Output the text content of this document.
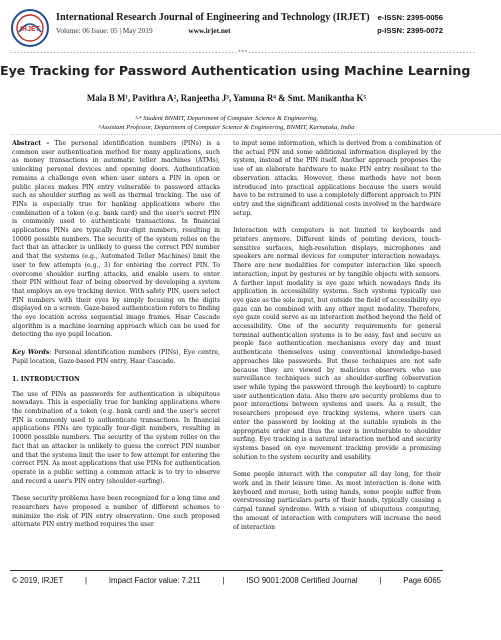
IRJET
International Research Journal of Engineering and Technology (IRJET)
Volume: 06 Issue: 05 | May 2019	www.irjet.net
e-ISSN: 2395-0056
p-ISSN: 2395-0072
---------------------------------------------------------------------***---------------------------------------------------------------------
Eye Tracking for Password Authentication using Machine Learning
Mala B M¹, Pavithra A², Ranjeetha J³, Yamuna R⁴ & Smt. Manikantha K⁵
¹-⁴ Student BNMIT, Department of Computer Science & Engineering,
⁵Assistant Professor, Department of Computer Science & Engineering, BNMIT, Karnataka, India
--------------------------------------------------------------------------------------------------------------------------------------------------------------------------------------

Abstract – The personal identification numbers (PINs) is a common user authentication method for many applications, such as money transactions in automatic teller machines (ATMs), unlocking personal devices and opening doors. Authentication remains a challenge even when user enters a PIN in open or public places makes PIN entry vulnerable to password attacks such as shoulder surfing as well as thermal tracking. The use of PINs is especially true for banking applications where the combination of a token (e.g. bank card) and the user's secret PIN is commonly used to authenticate transactions. In financial applications PINs are typically four-digit numbers, resulting in 10000 possible numbers. The security of the system relies on the fact that an attacker is unlikely to guess the correct PIN number and that the systems (e.g., Automated Teller Machines) limit the user to few attempts (e.g., 3) for entering the correct PIN. To overcome shoulder surfing attacks, and enable users to enter their PIN without fear of being observed by developing a system that employs an eye tracking device. With safety PIN, users select PIN numbers with their eyes by simply focusing on the digits displayed on a screen. Gaze-based authentication refers to finding the eye location across sequential image frames. Haar Cascade algorithm is a machine learning approach which can be used for detecting the eye pupil location.

Key Words: Personal identification numbers (PINs), Eye centre, Pupil location, Gaze-based PIN entry, Haar Cascade.

1. INTRODUCTION

The use of PINs as passwords for authentication is ubiquitous nowadays. This is especially true for banking applications where the combination of a token (e.g. bank card) and the user's secret PIN is commonly used to authenticate transactions. In financial applications PINs are typically four-digit numbers, resulting in 10000 possible numbers. The security of the system relies on the fact that an attacker is unlikely to guess the correct PIN number and that the systems limit the user to few attempt for entering the correct PIN. As most applications that use PINs for authentication operate in a public setting a common attack is to try to observe and record a user's PIN entry (shoulder-surfing).

These security problems have been recognized for a long time and researchers have proposed a number of different schemes to minimize the risk of PIN entry observation. One such proposed alternate PIN entry method requires the user

to input some information, which is derived from a combination of the actual PIN and some additional information displayed by the system, instead of the PIN itself. Another approach proposes the use of an elaborate hardware to make PIN entry resilient to the observation attacks. However, these methods have not been introduced into practical applications because the users would have to be retrained to use a completely different approach to PIN entry and the significant additional costs involved in the hardware setup.

Interaction with computers is not limited to keyboards and printers anymore. Different kinds of pointing devices, touch-sensitive surfaces, high-resolution displays, microphones and speakers are normal devices for computer interaction nowadays. There are new modalities for computer interaction like speech interaction, input by gestures or by tangible objects with sensors. A further input modality is eye gaze which nowadays finds its application in accessibility systems. Such systems typically use eye gaze as the sole input, but outside the field of accessibility eye gaze can be combined with any other input modality. Therefore, eye gaze could serve as an interaction method beyond the field of accessibility. One of the security requirements for general terminal authentication systems is to be easy, fast and secure as people face authentication mechanisms every day and must authenticate themselves using conventional knowledge-based approaches like passwords. But these techniques are not safe because they are viewed by malicious observers who use surveillance techniques such as shoulder-surfing (observation user while typing the password through the keyboard) to capture user authentication data. Also there are security problems due to poor interactions between systems and users. As a result, the researchers proposed eye tracking systems, where users can enter the password by looking at the suitable symbols in the appropriate order and thus the user is invulnerable to shoulder surfing. Eye tracking is a natural interaction method and security systems based on eye movement tracking provide a promising solution to the system security and usability.

Some people interact with the computer all day long, for their work and in their leisure time. As most interaction is done with keyboard and mouse, both using hands, some people suffer from overstressing particulars parts of their hands, typically causing a carpal tunnel syndrome. With a vision of ubiquitous computing, the amount of interaction with computers will increase the need of interaction

© 2019, IRJET	|	Impact Factor value: 7.211	|	ISO 9001:2008 Certified Journal	|	Page 6065
